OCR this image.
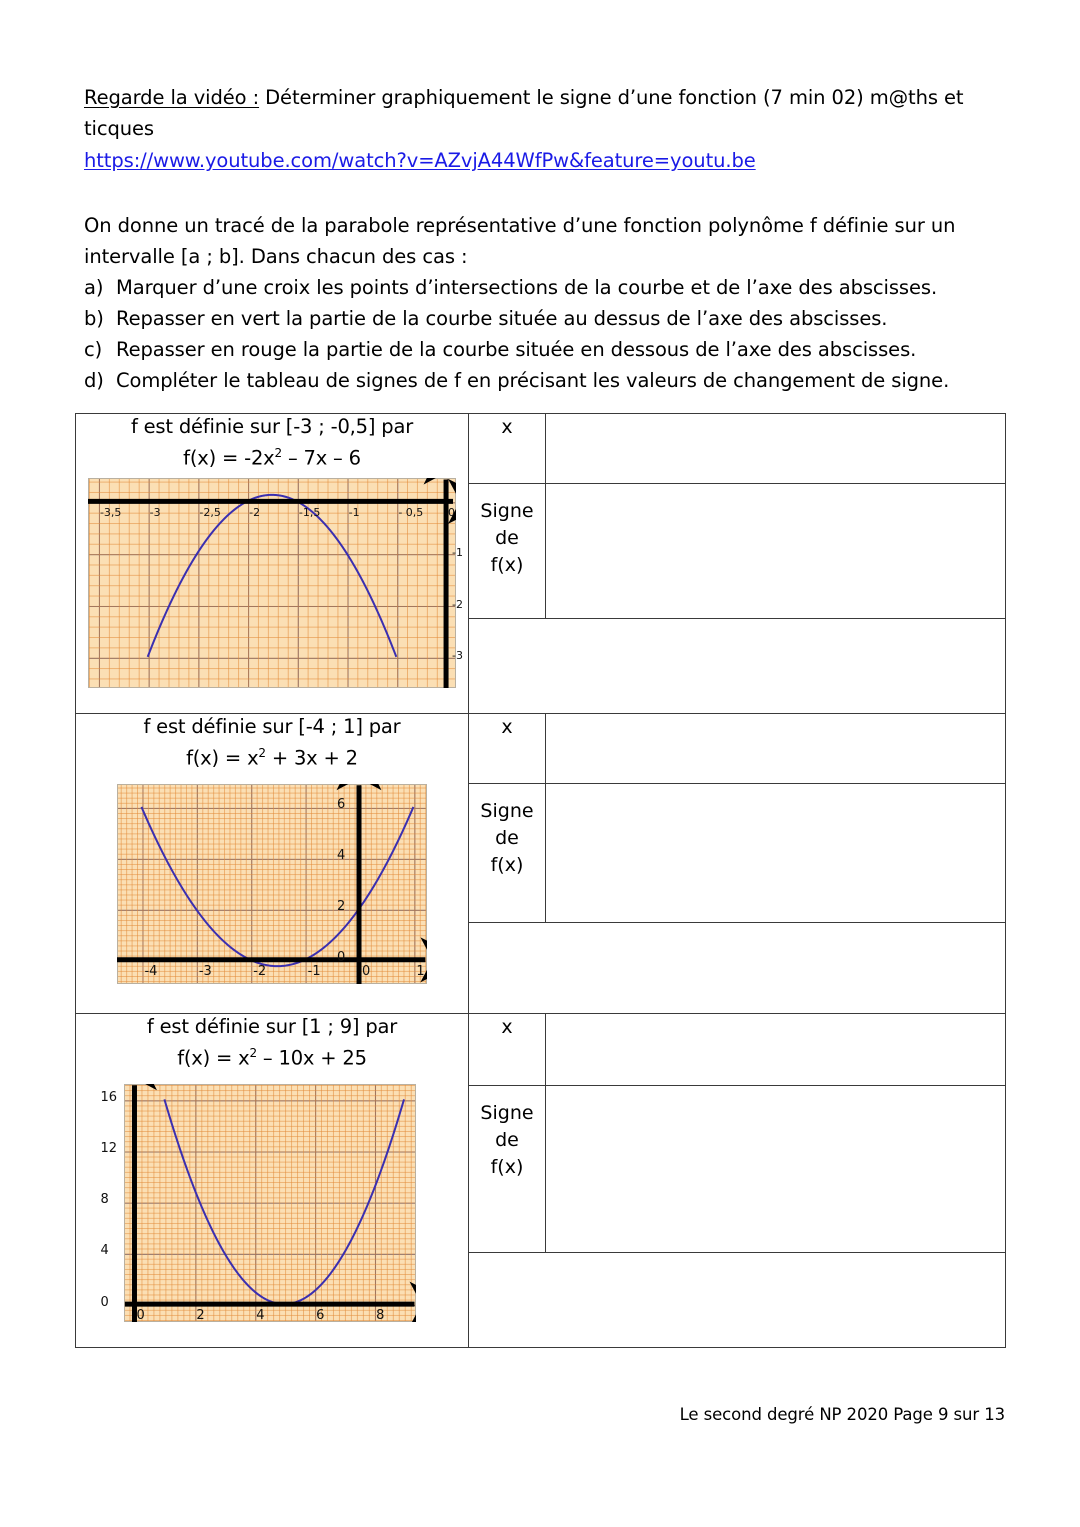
Regarde la vidéo : Déterminer graphiquement le signe d’une fonction (7 min 02) m@ths et ticques
https://www.youtube.com/watch?v=AZvjA44WfPw&feature=youtu.be
On donne un tracé de la parabole représentative d’une fonction polynôme f définie sur un intervalle [a ; b]. Dans chacun des cas :
a) Marquer d’une croix les points d’intersections de la courbe et de l’axe des abscisses.
b) Repasser en vert la partie de la courbe située au dessus de l’axe des abscisses.
c) Repasser en rouge la partie de la courbe située en dessous de l’axe des abscisses.
d) Compléter le tableau de signes de f en précisant les valeurs de changement de signe.
f est définie sur [-3 ; -0,5] par
$f(x) = -2x^2 - 7x - 6$
-3,5	-3	-2,5	-2	-1,5	-1	- 0,5 0
-1
-2
-3
	x	

	Signe
de
f(x)	

f est définie sur [-4 ; 1] par
$f(x) = x^2 + 3x + 2$
-4	-3	-2	-1	0	1
0
2
4
6
	x	

	Signe
de
f(x)	

f est définie sur [1 ; 9] par
$f(x) = x^2 - 10x + 25$
0	2	4	6	8
0
4
8
12
16
	x	

	Signe
de
f(x)	

Le second degré NP 2020 Page 9 sur 13
